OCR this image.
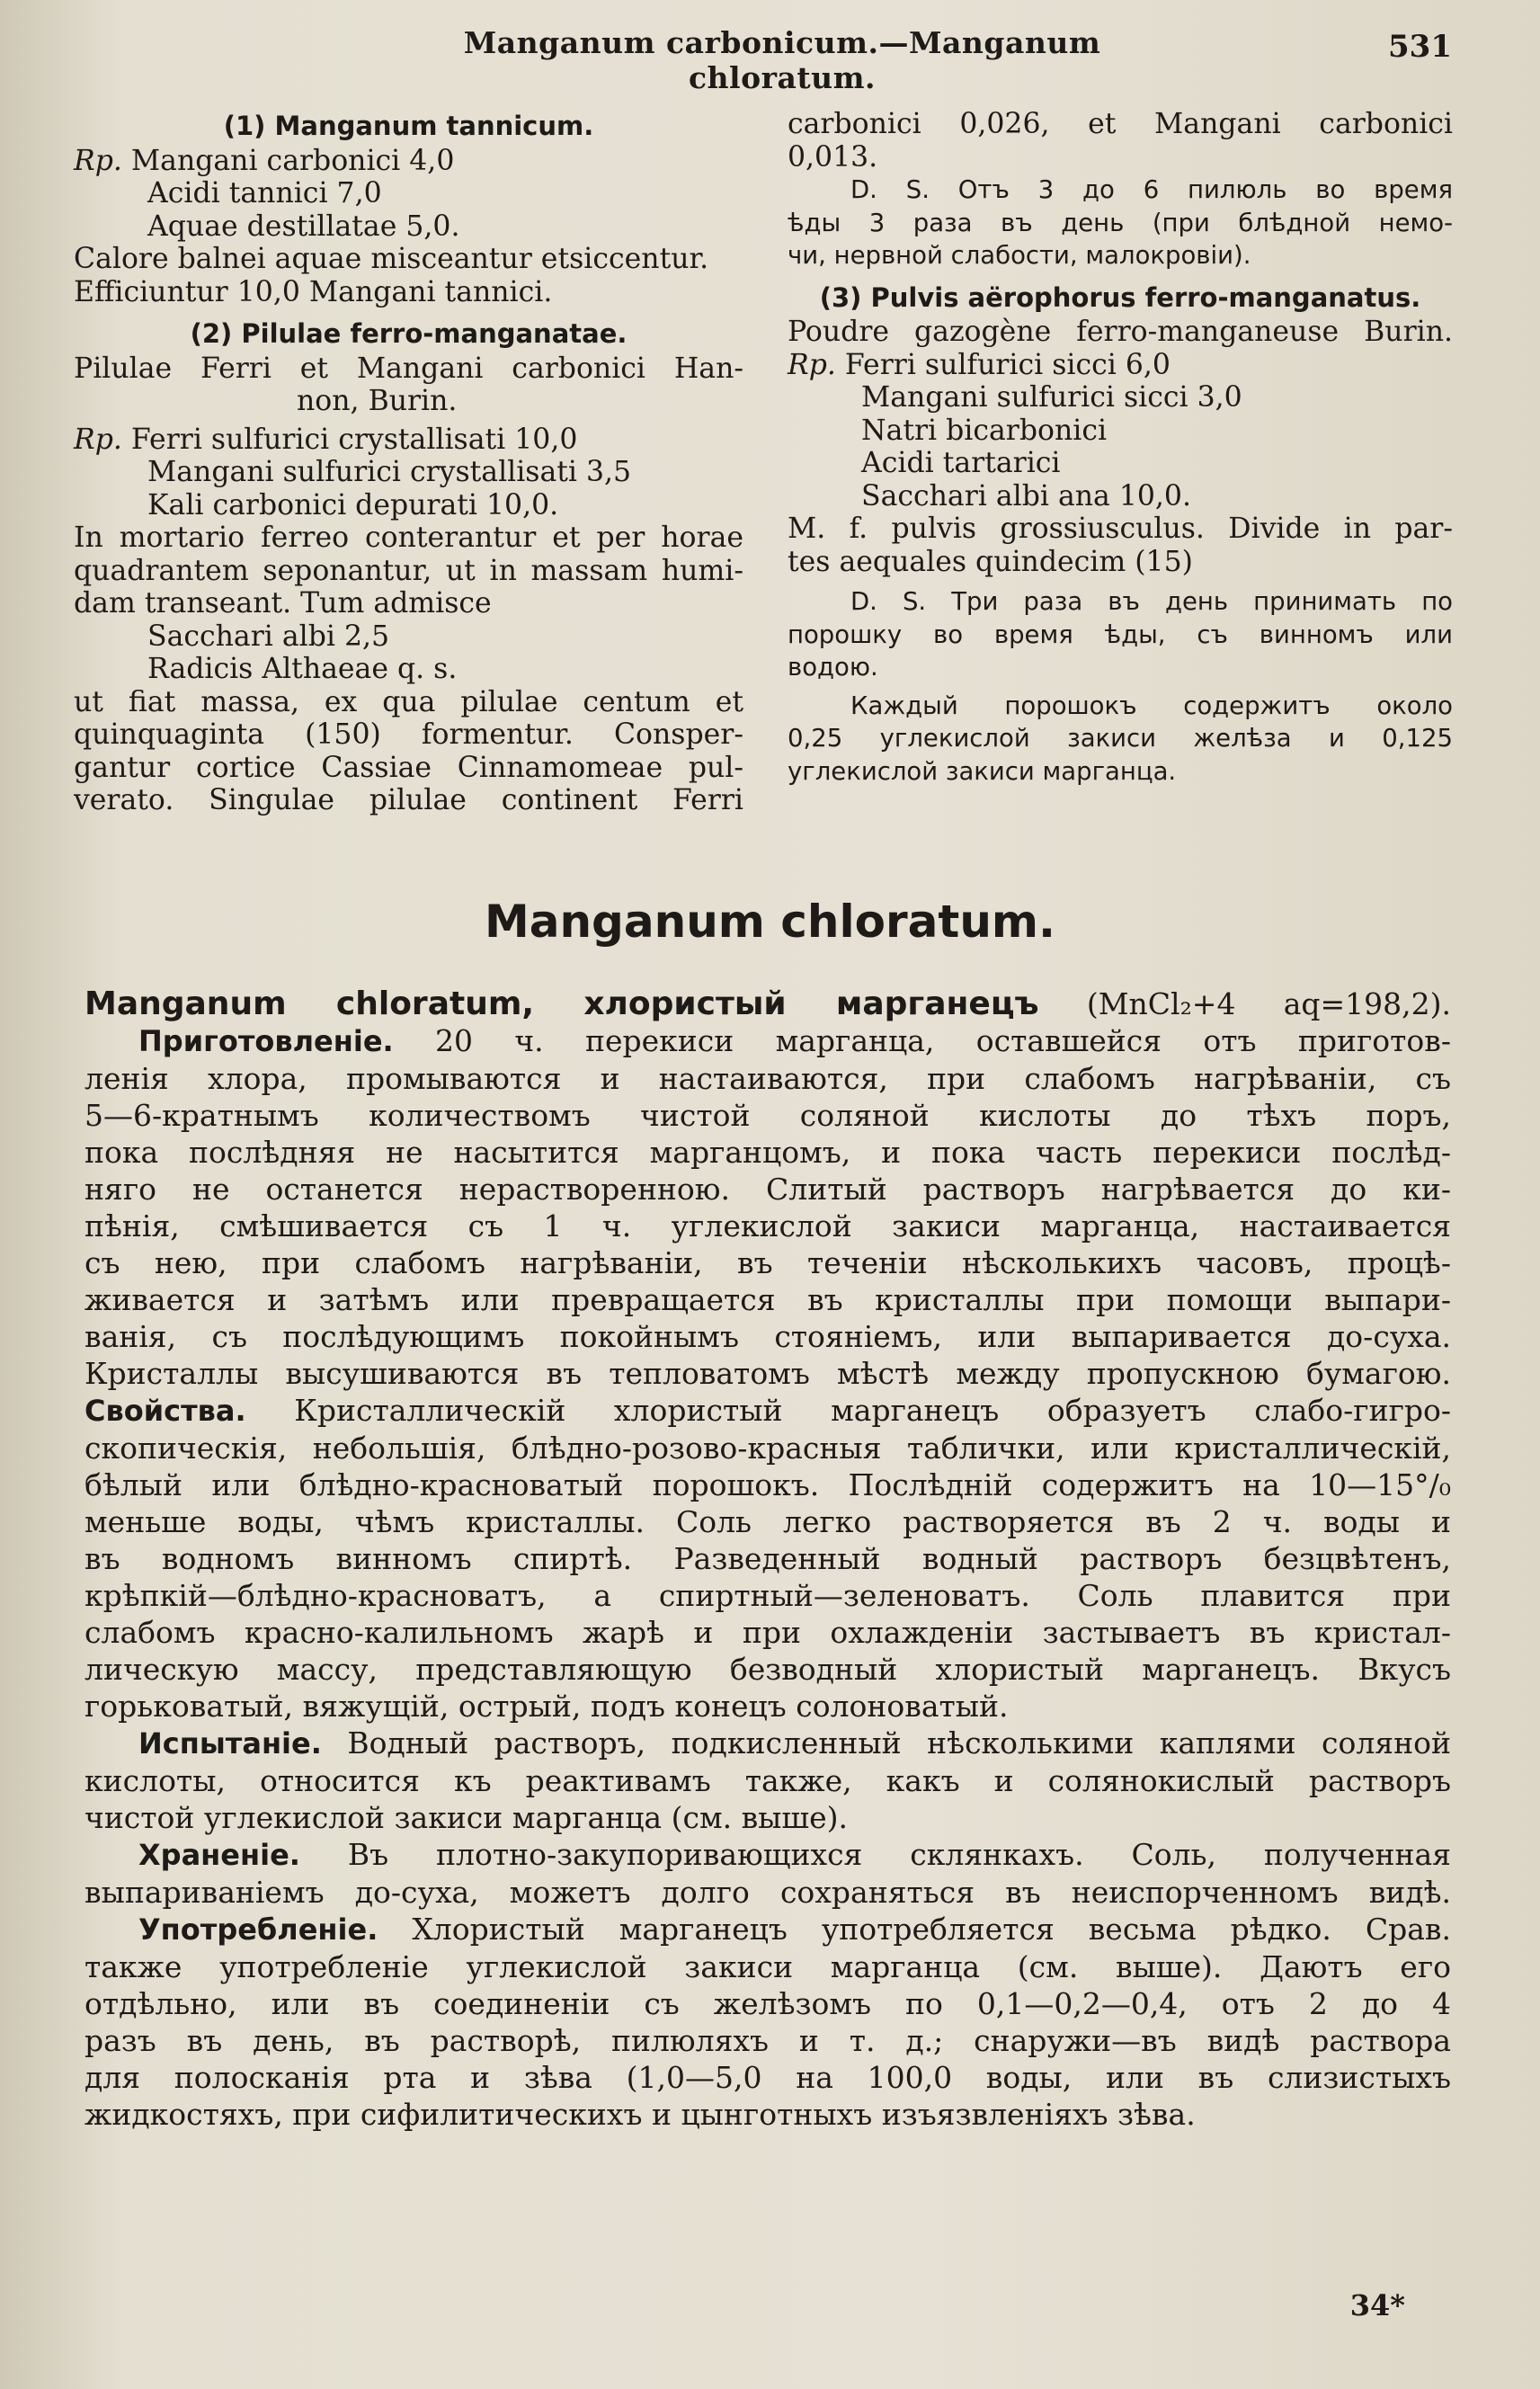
Manganum carbonicum.—Manganum chloratum.
531

(1) Manganum tannicum.

Rp. Mangani carbonici 4,0

Acidi tannici 7,0

Aquae destillatae 5,0.

Calore balnei aquae misceantur etsiccentur.

Efficiuntur 10,0 Mangani tannici.

(2) Pilulae ferro-manganatae.

Pilulae Ferri et Mangani carbonici Han-

non, Burin.

Rp. Ferri sulfurici crystallisati 10,0

Mangani sulfurici crystallisati 3,5

Kali carbonici depurati 10,0.

In mortario ferreo conterantur et per horae

quadrantem seponantur, ut in massam humi-

dam transeant. Tum admisce

Sacchari albi 2,5

Radicis Althaeae q. s.

ut fiat massa, ex qua pilulae centum et

quinquaginta (150) formentur. Consper-

gantur cortice Cassiae Cinnamomeae pul-

verato. Singulae pilulae continent Ferri

carbonici 0,026, et Mangani carbonici

0,013.

D. S. Отъ 3 до 6 пилюль во время

ѣды 3 раза въ день (при блѣдной немо-

чи, нервной слабости, малокровіи).

(3) Pulvis aërophorus ferro-manganatus.

Poudre gazogène ferro-manganeuse Burin.

Rp. Ferri sulfurici sicci 6,0

Mangani sulfurici sicci 3,0

Natri bicarbonici

Acidi tartarici

Sacchari albi ana 10,0.

M. f. pulvis grossiusculus. Divide in par-

tes aequales quindecim (15)

D. S. Три раза въ день принимать по

порошку во время ѣды, съ винномъ или

водою.

Каждый порошокъ содержитъ около

0,25 углекислой закиси желѣза и 0,125

углекислой закиси марганца.

Manganum chloratum.

Manganum chloratum, хлористый марганецъ (MnCl₂+4 aq=198,2).

Приготовленіе. 20 ч. перекиси марганца, оставшейся отъ приготов-

ленія хлора, промываются и настаиваются, при слабомъ нагрѣваніи, съ

5—6-кратнымъ количествомъ чистой соляной кислоты до тѣхъ поръ,

пока послѣдняя не насытится марганцомъ, и пока часть перекиси послѣд-

няго не останется нерастворенною. Слитый растворъ нагрѣвается до ки-

пѣнія, смѣшивается съ 1 ч. углекислой закиси марганца, настаивается

съ нею, при слабомъ нагрѣваніи, въ теченіи нѣсколькихъ часовъ, процѣ-

живается и затѣмъ или превращается въ кристаллы при помощи выпари-

ванія, съ послѣдующимъ покойнымъ стояніемъ, или выпаривается до-суха.

Кристаллы высушиваются въ тепловатомъ мѣстѣ между пропускною бумагою.

Свойства. Кристаллическій хлористый марганецъ образуетъ слабо-гигро-

скопическія, небольшія, блѣдно-розово-красныя таблички, или кристаллическій,

бѣлый или блѣдно-красноватый порошокъ. Послѣдній содержитъ на 10—15°/₀

меньше воды, чѣмъ кристаллы. Соль легко растворяется въ 2 ч. воды и

въ водномъ винномъ спиртѣ. Разведенный водный растворъ безцвѣтенъ,

крѣпкій—блѣдно-красноватъ, а спиртный—зеленоватъ. Соль плавится при

слабомъ красно-калильномъ жарѣ и при охлажденіи застываетъ въ кристал-

лическую массу, представляющую безводный хлористый марганецъ. Вкусъ

горьковатый, вяжущій, острый, подъ конецъ солоноватый.

Испытаніе. Водный растворъ, подкисленный нѣсколькими каплями соляной

кислоты, относится къ реактивамъ также, какъ и солянокислый растворъ

чистой углекислой закиси марганца (см. выше).

Храненіе. Въ плотно-закупоривающихся склянкахъ. Соль, полученная

выпариваніемъ до-суха, можетъ долго сохраняться въ неиспорченномъ видѣ.

Употребленіе. Хлористый марганецъ употребляется весьма рѣдко. Срав.

также употребленіе углекислой закиси марганца (см. выше). Даютъ его

отдѣльно, или въ соединеніи съ желѣзомъ по 0,1—0,2—0,4, отъ 2 до 4

разъ въ день, въ растворѣ, пилюляхъ и т. д.; снаружи—въ видѣ раствора

для полосканія рта и зѣва (1,0—5,0 на 100,0 воды, или въ слизистыхъ

жидкостяхъ, при сифилитическихъ и цынготныхъ изъязвленіяхъ зѣва.

34*
